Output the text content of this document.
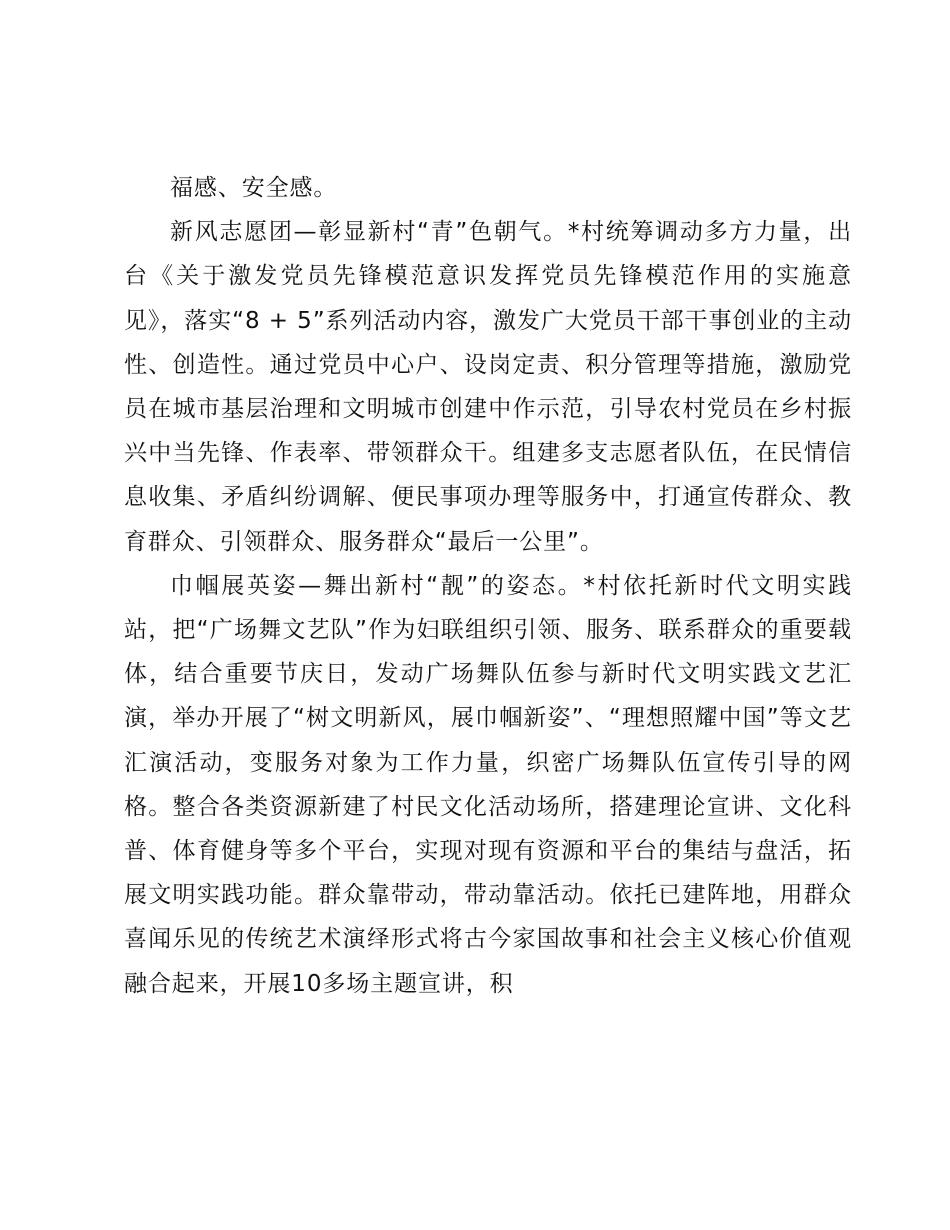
福感、安全感。

新风志愿团—彰显新村“青”色朝气。*村统筹调动多方力量，出台《关于激发党员先锋模范意识发挥党员先锋模范作用的实施意见》，落实“8 + 5”系列活动内容，激发广大党员干部干事创业的主动性、创造性。通过党员中心户、设岗定责、积分管理等措施，激励党员在城市基层治理和文明城市创建中作示范，引导农村党员在乡村振兴中当先锋、作表率、带领群众干。组建多支志愿者队伍，在民情信息收集、矛盾纠纷调解、便民事项办理等服务中，打通宣传群众、教育群众、引领群众、服务群众“最后一公里”。

巾帼展英姿—舞出新村“靓”的姿态。*村依托新时代文明实践站，把“广场舞文艺队”作为妇联组织引领、服务、联系群众的重要载体，结合重要节庆日，发动广场舞队伍参与新时代文明实践文艺汇演，举办开展了“树文明新风，展巾帼新姿”、“理想照耀中国”等文艺汇演活动，变服务对象为工作力量，织密广场舞队伍宣传引导的网格。整合各类资源新建了村民文化活动场所，搭建理论宣讲、文化科普、体育健身等多个平台，实现对现有资源和平台的集结与盘活，拓展文明实践功能。群众靠带动，带动靠活动。依托已建阵地，用群众喜闻乐见的传统艺术演绎形式将古今家国故事和社会主义核心价值观融合起来，开展10多场主题宣讲，积
